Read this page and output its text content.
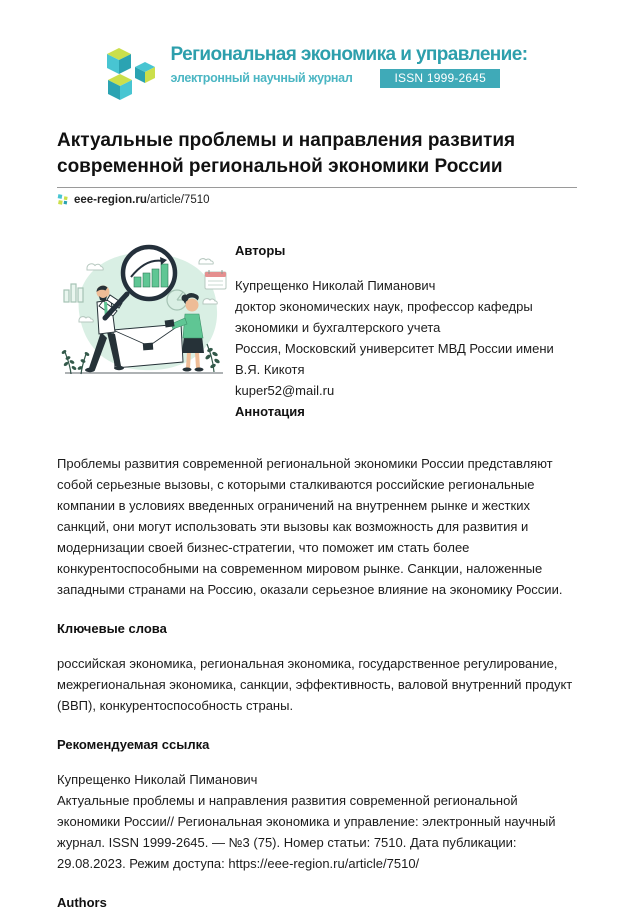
Региональная экономика и управление:
электронный научный журнал	ISSN 1999-2645
Актуальные проблемы и направления развития современной региональной экономики России
eee-region.ru/article/7510
Авторы
Купрещенко Николай Пиманович
доктор экономических наук, профессор кафедры экономики и бухгалтерского учета
Россия, Московский университет МВД России имени В.Я. Кикотя
kuper52@mail.ru
Аннотация

Проблемы развития современной региональной экономики России представляют собой серьезные вызовы, с которыми сталкиваются российские региональные компании в условиях введенных ограничений на внутреннем рынке и жестких санкций, они могут использовать эти вызовы как возможность для развития и модернизации своей бизнес-стратегии, что поможет им стать более конкурентоспособными на современном мировом рынке. Санкции, наложенные западными странами на Россию, оказали серьезное влияние на экономику России.

Ключевые слова

российская экономика, региональная экономика, государственное регулирование, межрегиональная экономика, санкции, эффективность, валовой внутренний продукт (ВВП), конкурентоспособность страны.

Рекомендуемая ссылка

Купрещенко Николай Пиманович
Актуальные проблемы и направления развития современной региональной экономики России// Региональная экономика и управление: электронный научный журнал. ISSN 1999-2645. — №3 (75). Номер статьи: 7510. Дата публикации: 29.08.2023. Режим доступа: https://eee-region.ru/article/7510/

Authors
